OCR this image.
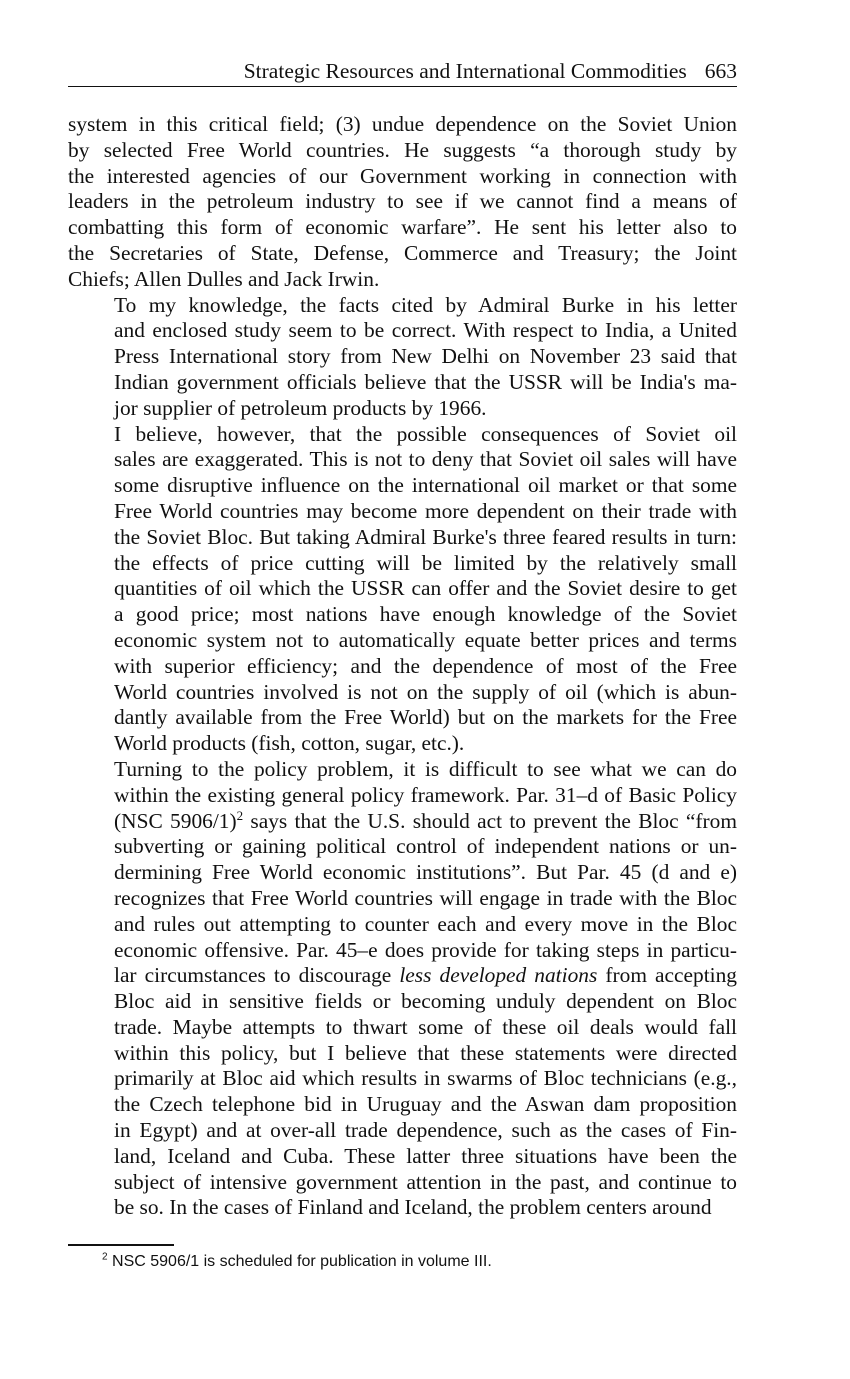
Strategic Resources and International Commodities 663

system in this critical field; (3) undue dependence on the Soviet Union
by selected Free World countries. He suggests “a thorough study by
the interested agencies of our Government working in connection with
leaders in the petroleum industry to see if we cannot find a means of
combatting this form of economic warfare”. He sent his letter also to
the Secretaries of State, Defense, Commerce and Treasury; the Joint
Chiefs; Allen Dulles and Jack Irwin.

To my knowledge, the facts cited by Admiral Burke in his letter
and enclosed study seem to be correct. With respect to India, a United
Press International story from New Delhi on November 23 said that
Indian government officials believe that the USSR will be India's ma-
jor supplier of petroleum products by 1966.

I believe, however, that the possible consequences of Soviet oil
sales are exaggerated. This is not to deny that Soviet oil sales will have
some disruptive influence on the international oil market or that some
Free World countries may become more dependent on their trade with
the Soviet Bloc. But taking Admiral Burke's three feared results in turn:
the effects of price cutting will be limited by the relatively small
quantities of oil which the USSR can offer and the Soviet desire to get
a good price; most nations have enough knowledge of the Soviet
economic system not to automatically equate better prices and terms
with superior efficiency; and the dependence of most of the Free
World countries involved is not on the supply of oil (which is abun-
dantly available from the Free World) but on the markets for the Free
World products (fish, cotton, sugar, etc.).

Turning to the policy problem, it is difficult to see what we can do
within the existing general policy framework. Par. 31–d of Basic Policy
(NSC 5906/1)$^2$ says that the U.S. should act to prevent the Bloc “from
subverting or gaining political control of independent nations or un-
dermining Free World economic institutions”. But Par. 45 (d and e)
recognizes that Free World countries will engage in trade with the Bloc
and rules out attempting to counter each and every move in the Bloc
economic offensive. Par. 45–e does provide for taking steps in particu-
lar circumstances to discourage less developed nations from accepting
Bloc aid in sensitive fields or becoming unduly dependent on Bloc
trade. Maybe attempts to thwart some of these oil deals would fall
within this policy, but I believe that these statements were directed
primarily at Bloc aid which results in swarms of Bloc technicians (e.g.,
the Czech telephone bid in Uruguay and the Aswan dam proposition
in Egypt) and at over-all trade dependence, such as the cases of Fin-
land, Iceland and Cuba. These latter three situations have been the
subject of intensive government attention in the past, and continue to
be so. In the cases of Finland and Iceland, the problem centers around

$^2$ NSC 5906/1 is scheduled for publication in volume III.
